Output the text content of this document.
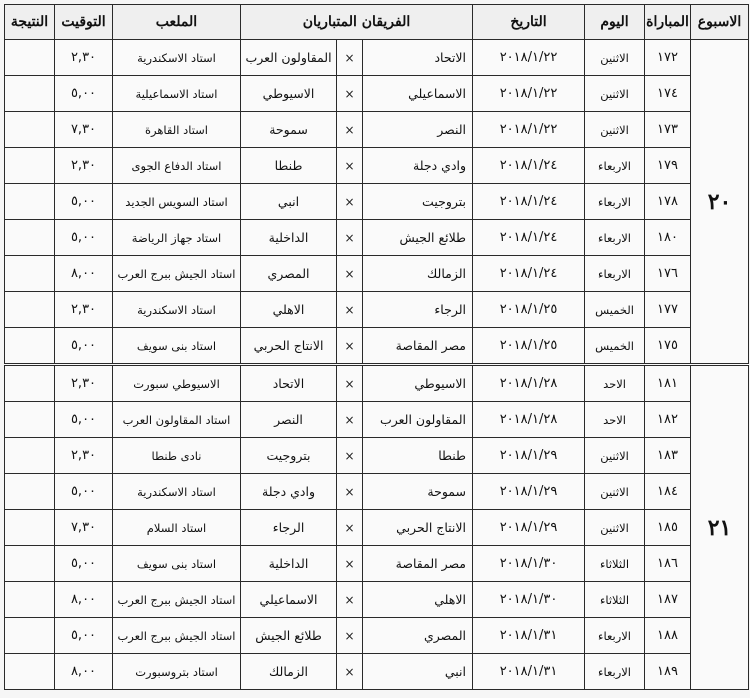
الاسبوع	المباراة	اليوم	التاريخ	الفريقان المتباريان			الملعب	التوقيت	النتيجة
٢٠	١٧٢	الاثنين	٢٠١٨/١/٢٢	الاتحاد	×	المقاولون العرب	استاد الاسكندرية	٢,٣٠	
	١٧٤	الاثنين	٢٠١٨/١/٢٢	الاسماعيلي	×	الاسيوطي	استاد الاسماعيلية	٥,٠٠	
	١٧٣	الاثنين	٢٠١٨/١/٢٢	النصر	×	سموحة	استاد القاهرة	٧,٣٠	
	١٧٩	الاربعاء	٢٠١٨/١/٢٤	وادي دجلة	×	طنطا	استاد الدفاع الجوى	٢,٣٠	
	١٧٨	الاربعاء	٢٠١٨/١/٢٤	بتروجيت	×	انبي	استاد السويس الجديد	٥,٠٠	
	١٨٠	الاربعاء	٢٠١٨/١/٢٤	طلائع الجيش	×	الداخلية	استاد جهاز الرياضة	٥,٠٠	
	١٧٦	الاربعاء	٢٠١٨/١/٢٤	الزمالك	×	المصري	استاد الجيش ببرج العرب	٨,٠٠	
	١٧٧	الخميس	٢٠١٨/١/٢٥	الرجاء	×	الاهلي	استاد الاسكندرية	٢,٣٠	
	١٧٥	الخميس	٢٠١٨/١/٢٥	مصر المقاصة	×	الانتاج الحربي	استاد بنى سويف	٥,٠٠	
٢١	١٨١	الاحد	٢٠١٨/١/٢٨	الاسيوطي	×	الاتحاد	الاسيوطي سبورت	٢,٣٠	
	١٨٢	الاحد	٢٠١٨/١/٢٨	المقاولون العرب	×	النصر	استاد المقاولون العرب	٥,٠٠	
	١٨٣	الاثنين	٢٠١٨/١/٢٩	طنطا	×	بتروجيت	نادى طنطا	٢,٣٠	
	١٨٤	الاثنين	٢٠١٨/١/٢٩	سموحة	×	وادي دجلة	استاد الاسكندرية	٥,٠٠	
	١٨٥	الاثنين	٢٠١٨/١/٢٩	الانتاج الحربي	×	الرجاء	استاد السلام	٧,٣٠	
	١٨٦	الثلاثاء	٢٠١٨/١/٣٠	مصر المقاصة	×	الداخلية	استاد بنى سويف	٥,٠٠	
	١٨٧	الثلاثاء	٢٠١٨/١/٣٠	الاهلي	×	الاسماعيلي	استاد الجيش ببرج العرب	٨,٠٠	
	١٨٨	الاربعاء	٢٠١٨/١/٣١	المصري	×	طلائع الجيش	استاد الجيش ببرج العرب	٥,٠٠	
	١٨٩	الاربعاء	٢٠١٨/١/٣١	انبي	×	الزمالك	استاد بتروسبورت	٨,٠٠	
